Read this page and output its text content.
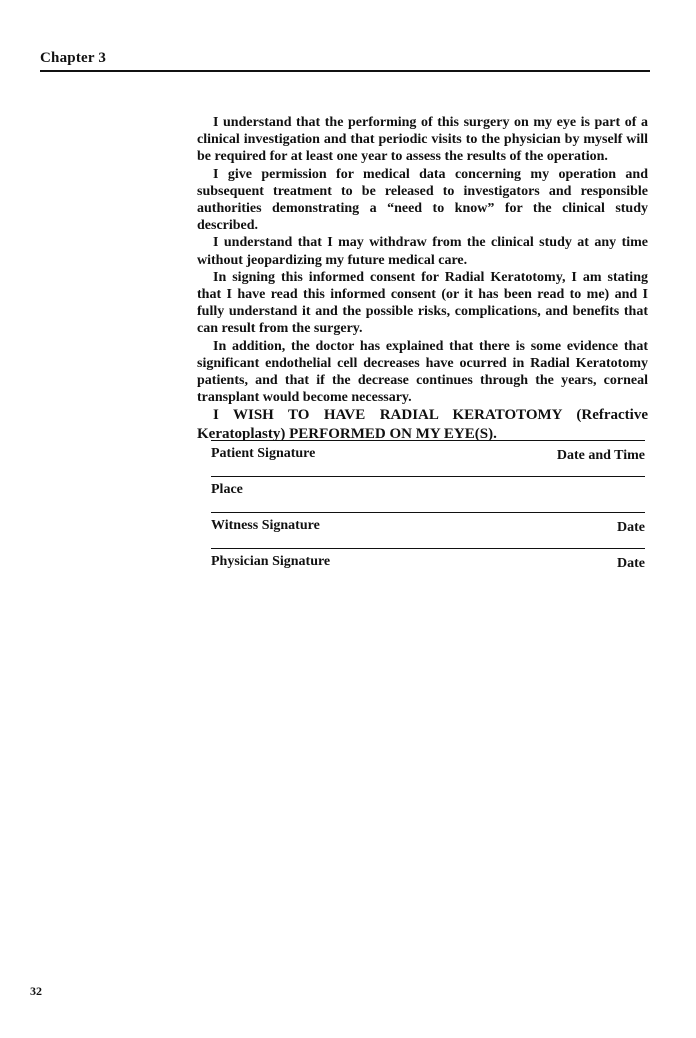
Chapter 3

I understand that the performing of this surgery on my eye is part of a clinical investigation and that periodic visits to the physician by myself will be required for at least one year to assess the results of the operation.

I give permission for medical data concerning my operation and subsequent treatment to be released to investigators and responsible authorities demonstrating a “need to know” for the clinical study described.

I understand that I may withdraw from the clinical study at any time without jeopardizing my future medical care.

In signing this informed consent for Radial Keratotomy, I am stating that I have read this informed consent (or it has been read to me) and I fully understand it and the possible risks, complications, and benefits that can result from the surgery.

In addition, the doctor has explained that there is some evidence that significant endothelial cell decreases have ocurred in Radial Keratotomy patients, and that if the decrease continues through the years, corneal transplant would become necessary.

I WISH TO HAVE RADIAL KERATOTOMY (Refractive Keratoplasty) PERFORMED ON MY EYE(S).

Patient Signature	Date and Time
Place
Witness Signature	Date
Physician Signature	Date
32
